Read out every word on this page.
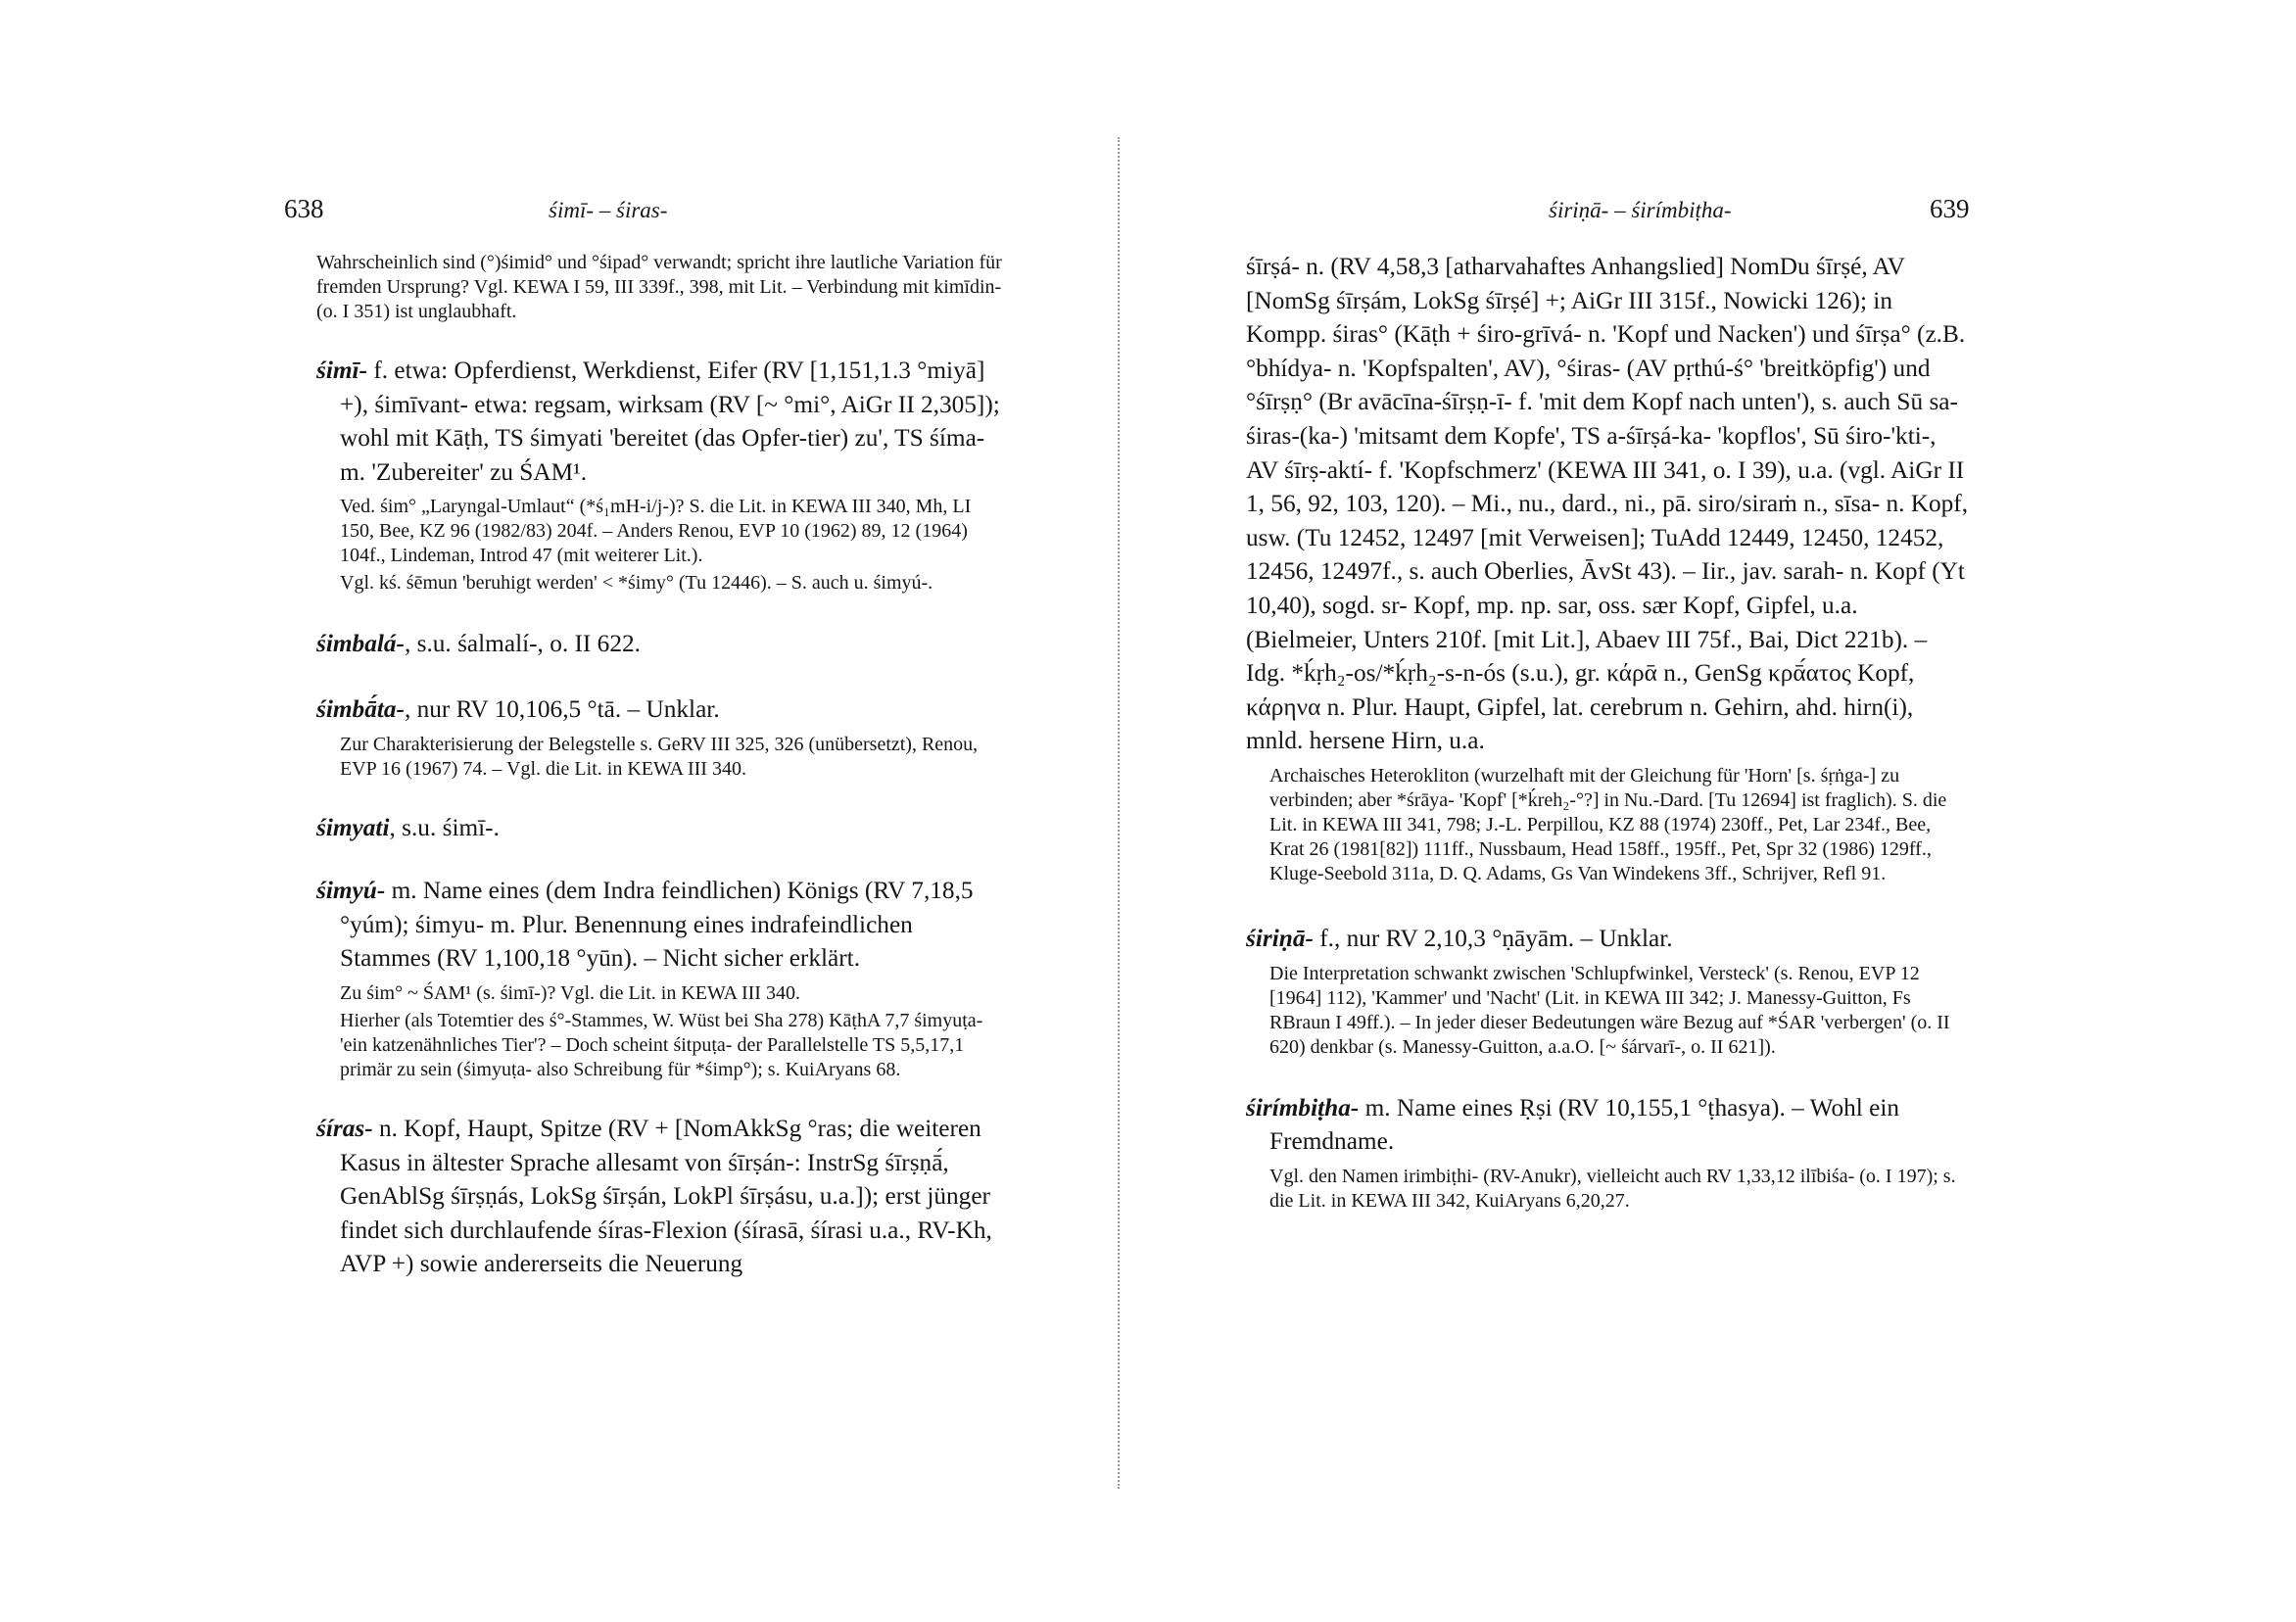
638	śimī- – śiras-

Wahrscheinlich sind (°)śimid° und °śipad° verwandt; spricht ihre lautliche Variation für fremden Ursprung? Vgl. KEWA I 59, III 339f., 398, mit Lit. – Verbindung mit kimīdin- (o. I 351) ist unglaubhaft.

śimī- f. etwa: Opferdienst, Werkdienst, Eifer (RV [1,151,1.3 °miyā] +), śimīvant- etwa: regsam, wirksam (RV [~ °mi°, AiGr II 2,305]); wohl mit Kāṭh, TS śimyati 'bereitet (das Opfer-tier) zu', TS śíma- m. 'Zubereiter' zu ŚAM¹.

Ved. śim° „Laryngal-Umlaut“ (*ś₁mH-i/j-)? S. die Lit. in KEWA III 340, Mh, LI 150, Bee, KZ 96 (1982/83) 204f. – Anders Renou, EVP 10 (1962) 89, 12 (1964) 104f., Lindeman, Introd 47 (mit weiterer Lit.).

Vgl. kś. śēmun 'beruhigt werden' < *śimy° (Tu 12446). – S. auch u. śimyú-.

śimbalá-, s.u. śalmalí-, o. II 622.

śimbā́ta-, nur RV 10,106,5 °tā. – Unklar.

Zur Charakterisierung der Belegstelle s. GeRV III 325, 326 (unübersetzt), Renou, EVP 16 (1967) 74. – Vgl. die Lit. in KEWA III 340.

śimyati, s.u. śimī-.

śimyú- m. Name eines (dem Indra feindlichen) Königs (RV 7,18,5 °yúm); śimyu- m. Plur. Benennung eines indrafeindlichen Stammes (RV 1,100,18 °yūn). – Nicht sicher erklärt.

Zu śim° ~ ŚAM¹ (s. śimī-)? Vgl. die Lit. in KEWA III 340.

Hierher (als Totemtier des ś°-Stammes, W. Wüst bei Sha 278) KāṭhA 7,7 śimyuṭa- 'ein katzenähnliches Tier'? – Doch scheint śitpuṭa- der Parallelstelle TS 5,5,17,1 primär zu sein (śimyuṭa- also Schreibung für *śimp°); s. KuiAryans 68.

śíras- n. Kopf, Haupt, Spitze (RV + [NomAkkSg °ras; die weiteren Kasus in ältester Sprache allesamt von śīrṣán-: InstrSg śīrṣṇā́, GenAblSg śīrṣṇás, LokSg śīrṣán, LokPl śīrṣásu, u.a.]); erst jünger findet sich durchlaufende śíras-Flexion (śírasā, śírasi u.a., RV-Kh, AVP +) sowie andererseits die Neuerung

śiriṇā- – śirímbiṭha-	639

śīrṣá- n. (RV 4,58,3 [atharvahaftes Anhangslied] NomDu śīrṣé, AV [NomSg śīrṣám, LokSg śīrṣé] +; AiGr III 315f., Nowicki 126); in Kompp. śiras° (Kāṭh + śiro-grīvá- n. 'Kopf und Nacken') und śīrṣa° (z.B. °bhídya- n. 'Kopfspalten', AV), °śiras- (AV pṛthú-ś° 'breitköpfig') und °śīrṣṇ° (Br avācīna-śīrṣṇ-ī- f. 'mit dem Kopf nach unten'), s. auch Sū sa-śiras-(ka-) 'mitsamt dem Kopfe', TS a-śīrṣá-ka- 'kopflos', Sū śiro-'kti-, AV śīrṣ-aktí- f. 'Kopfschmerz' (KEWA III 341, o. I 39), u.a. (vgl. AiGr II 1, 56, 92, 103, 120). – Mi., nu., dard., ni., pā. siro/siraṁ n., sīsa- n. Kopf, usw. (Tu 12452, 12497 [mit Verweisen]; TuAdd 12449, 12450, 12452, 12456, 12497f., s. auch Oberlies, ĀvSt 43). – Iir., jav. sarah- n. Kopf (Yt 10,40), sogd. sr- Kopf, mp. np. sar, oss. sær Kopf, Gipfel, u.a. (Bielmeier, Unters 210f. [mit Lit.], Abaev III 75f., Bai, Dict 221b). – Idg. *ḱṛh₂-os/*ḱṛh₂-s-n-ós (s.u.), gr. κάρᾱ n., GenSg κρᾱ́ατος Kopf, κάρηνα n. Plur. Haupt, Gipfel, lat. cerebrum n. Gehirn, ahd. hirn(i), mnld. hersene Hirn, u.a.

Archaisches Heterokliton (wurzelhaft mit der Gleichung für 'Horn' [s. śṛṅga-] zu verbinden; aber *śrāya- 'Kopf' [*ḱreh₂-°?] in Nu.-Dard. [Tu 12694] ist fraglich). S. die Lit. in KEWA III 341, 798; J.-L. Perpillou, KZ 88 (1974) 230ff., Pet, Lar 234f., Bee, Krat 26 (1981[82]) 111ff., Nussbaum, Head 158ff., 195ff., Pet, Spr 32 (1986) 129ff., Kluge-Seebold 311a, D. Q. Adams, Gs Van Windekens 3ff., Schrijver, Refl 91.

śiriṇā- f., nur RV 2,10,3 °ṇāyām. – Unklar.

Die Interpretation schwankt zwischen 'Schlupfwinkel, Versteck' (s. Renou, EVP 12 [1964] 112), 'Kammer' und 'Nacht' (Lit. in KEWA III 342; J. Manessy-Guitton, Fs RBraun I 49ff.). – In jeder dieser Bedeutungen wäre Bezug auf *ŚAR 'verbergen' (o. II 620) denkbar (s. Manessy-Guitton, a.a.O. [~ śárvarī-, o. II 621]).

śirímbiṭha- m. Name eines Ṛṣi (RV 10,155,1 °ṭhasya). – Wohl ein Fremdname.

Vgl. den Namen irimbiṭhi- (RV-Anukr), vielleicht auch RV 1,33,12 ilībiśa- (o. I 197); s. die Lit. in KEWA III 342, KuiAryans 6,20,27.
